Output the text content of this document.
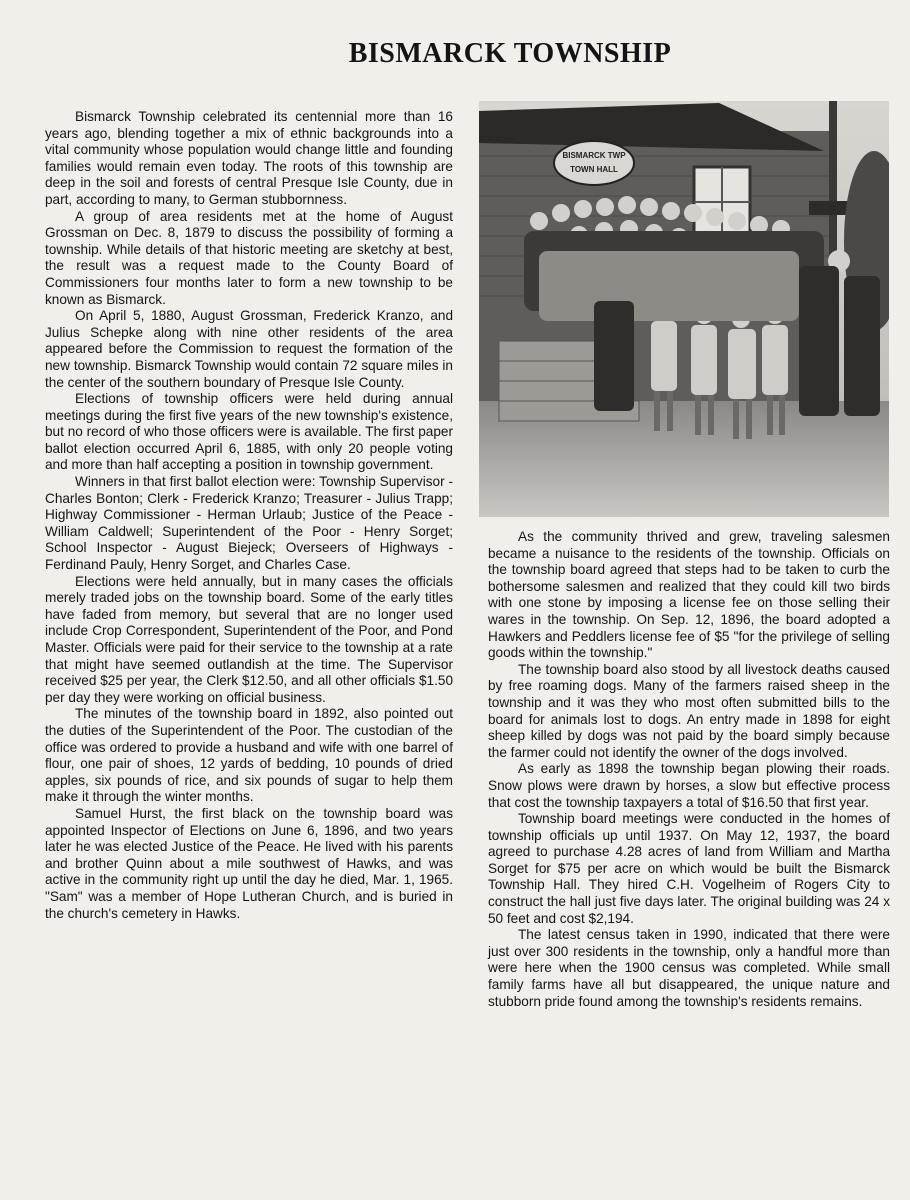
BISMARCK TOWNSHIP

Bismarck Township celebrated its centennial more than 16 years ago, blending together a mix of ethnic backgrounds into a vital community whose population would change little and founding families would remain even today. The roots of this township are deep in the soil and forests of central Presque Isle County, due in part, according to many, to German stubbornness.

A group of area residents met at the home of August Grossman on Dec. 8, 1879 to discuss the possibility of forming a township. While details of that historic meeting are sketchy at best, the result was a request made to the County Board of Commissioners four months later to form a new township to be known as Bismarck.

On April 5, 1880, August Grossman, Frederick Kranzo, and Julius Schepke along with nine other residents of the area appeared before the Commission to request the formation of the new township. Bismarck Township would contain 72 square miles in the center of the southern boundary of Presque Isle County.

Elections of township officers were held during annual meetings during the first five years of the new township's existence, but no record of who those officers were is available. The first paper ballot election occurred April 6, 1885, with only 20 people voting and more than half accepting a position in township government.

Winners in that first ballot election were: Township Supervisor - Charles Bonton; Clerk - Frederick Kranzo; Treasurer - Julius Trapp; Highway Commissioner - Herman Urlaub; Justice of the Peace - William Caldwell; Superintendent of the Poor - Henry Sorget; School Inspector - August Biejeck; Overseers of Highways - Ferdinand Pauly, Henry Sorget, and Charles Case.

Elections were held annually, but in many cases the officials merely traded jobs on the township board. Some of the early titles have faded from memory, but several that are no longer used include Crop Correspondent, Superintendent of the Poor, and Pond Master. Officials were paid for their service to the township at a rate that might have seemed outlandish at the time. The Supervisor received $25 per year, the Clerk $12.50, and all other officials $1.50 per day they were working on official business.

The minutes of the township board in 1892, also pointed out the duties of the Superintendent of the Poor. The custodian of the office was ordered to provide a husband and wife with one barrel of flour, one pair of shoes, 12 yards of bedding, 10 pounds of dried apples, six pounds of rice, and six pounds of sugar to help them make it through the winter months.

Samuel Hurst, the first black on the township board was appointed Inspector of Elections on June 6, 1896, and two years later he was elected Justice of the Peace. He lived with his parents and brother Quinn about a mile southwest of Hawks, and was active in the community right up until the day he died, Mar. 1, 1965. "Sam" was a member of Hope Lutheran Church, and is buried in the church's cemetery in Hawks.

BISMARCK TWP
TOWN HALL

As the community thrived and grew, traveling salesmen became a nuisance to the residents of the township. Officials on the township board agreed that steps had to be taken to curb the bothersome salesmen and realized that they could kill two birds with one stone by imposing a license fee on those selling their wares in the township. On Sep. 12, 1896, the board adopted a Hawkers and Peddlers license fee of $5 "for the privilege of selling goods within the township."

The township board also stood by all livestock deaths caused by free roaming dogs. Many of the farmers raised sheep in the township and it was they who most often submitted bills to the board for animals lost to dogs. An entry made in 1898 for eight sheep killed by dogs was not paid by the board simply because the farmer could not identify the owner of the dogs involved.

As early as 1898 the township began plowing their roads. Snow plows were drawn by horses, a slow but effective process that cost the township taxpayers a total of $16.50 that first year.

Township board meetings were conducted in the homes of township officials up until 1937. On May 12, 1937, the board agreed to purchase 4.28 acres of land from William and Martha Sorget for $75 per acre on which would be built the Bismarck Township Hall. They hired C.H. Vogelheim of Rogers City to construct the hall just five days later. The original building was 24 x 50 feet and cost $2,194.

The latest census taken in 1990, indicated that there were just over 300 residents in the township, only a handful more than were here when the 1900 census was completed. While small family farms have all but disappeared, the unique nature and stubborn pride found among the township's residents remains.
